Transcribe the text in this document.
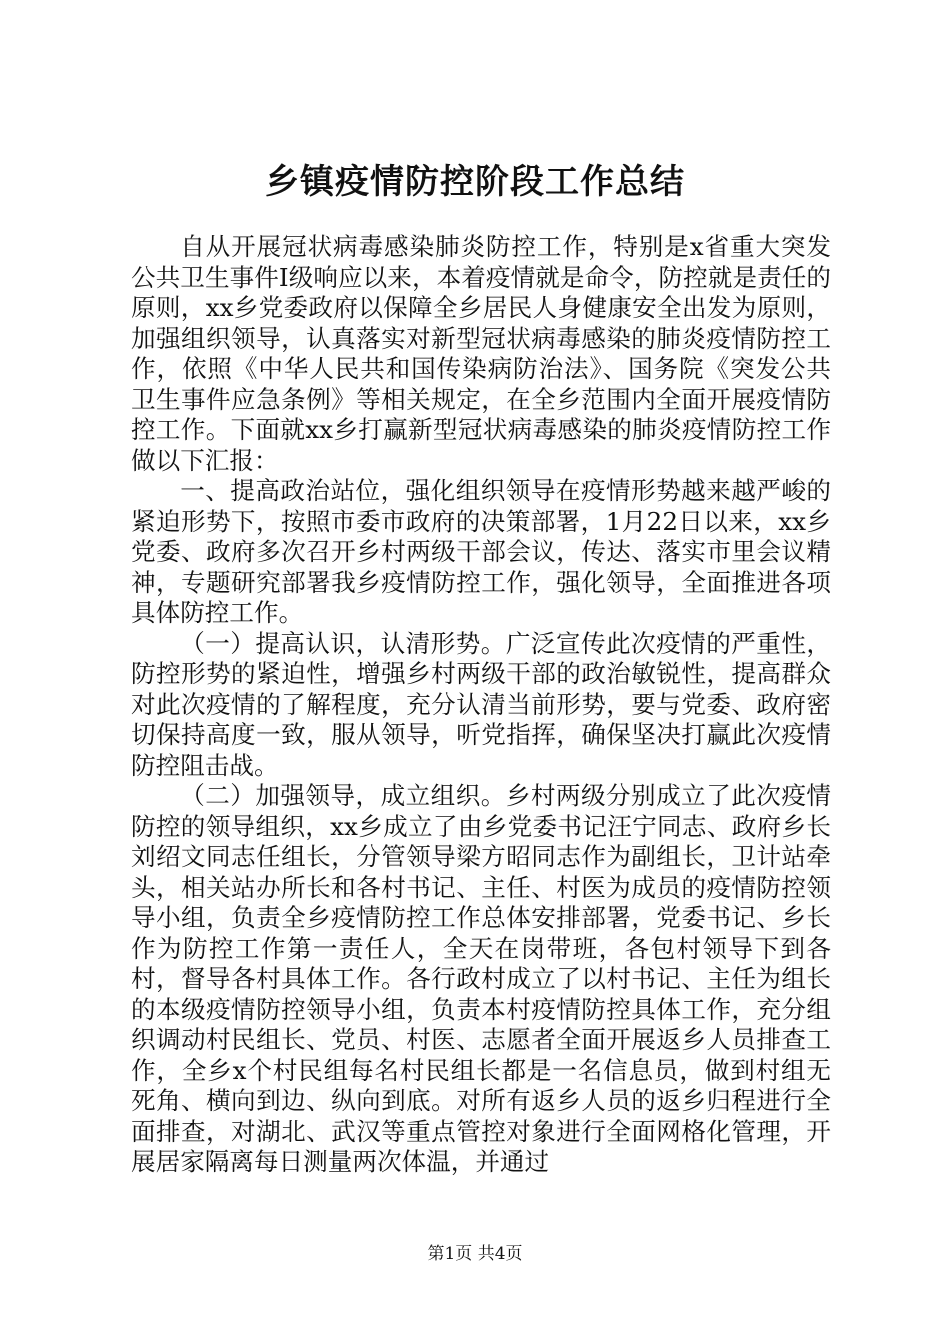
乡镇疫情防控阶段工作总结

自从开展冠状病毒感染肺炎防控工作，特别是x省重大突发公共卫生事件Ⅰ级响应以来，本着疫情就是命令，防控就是责任的原则，xx乡党委政府以保障全乡居民人身健康安全出发为原则，加强组织领导，认真落实对新型冠状病毒感染的肺炎疫情防控工作，依照《中华人民共和国传染病防治法》、国务院《突发公共卫生事件应急条例》等相关规定，在全乡范围内全面开展疫情防控工作。下面就xx乡打赢新型冠状病毒感染的肺炎疫情防控工作做以下汇报：

一、提高政治站位，强化组织领导在疫情形势越来越严峻的紧迫形势下，按照市委市政府的决策部署，1月22日以来，xx乡党委、政府多次召开乡村两级干部会议，传达、落实市里会议精神，专题研究部署我乡疫情防控工作，强化领导，全面推进各项具体防控工作。

（一）提高认识，认清形势。广泛宣传此次疫情的严重性，防控形势的紧迫性，增强乡村两级干部的政治敏锐性，提高群众对此次疫情的了解程度，充分认清当前形势，要与党委、政府密切保持高度一致，服从领导，听党指挥，确保坚决打赢此次疫情防控阻击战。

（二）加强领导，成立组织。乡村两级分别成立了此次疫情防控的领导组织，xx乡成立了由乡党委书记汪宁同志、政府乡长刘绍文同志任组长，分管领导梁方昭同志作为副组长，卫计站牵头，相关站办所长和各村书记、主任、村医为成员的疫情防控领导小组，负责全乡疫情防控工作总体安排部署，党委书记、乡长作为防控工作第一责任人，全天在岗带班，各包村领导下到各村，督导各村具体工作。各行政村成立了以村书记、主任为组长的本级疫情防控领导小组，负责本村疫情防控具体工作，充分组织调动村民组长、党员、村医、志愿者全面开展返乡人员排查工作，全乡x个村民组每名村民组长都是一名信息员，做到村组无死角、横向到边、纵向到底。对所有返乡人员的返乡归程进行全面排查，对湖北、武汉等重点管控对象进行全面网格化管理，开展居家隔离每日测量两次体温，并通过

第1页 共4页
